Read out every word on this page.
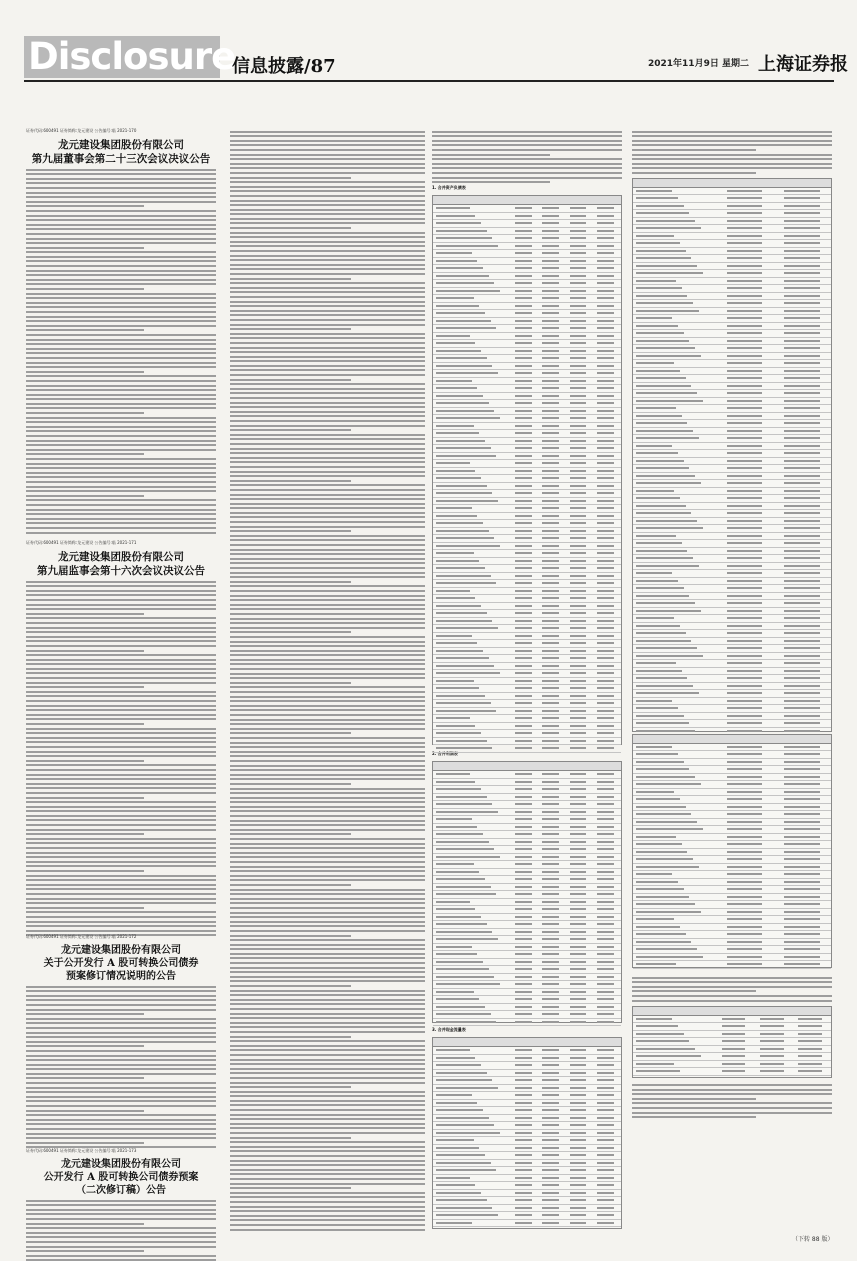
Disclosure
信息披露/87	2021年11月9日 星期二 上海证券报
证券代码:600491 证券简称:龙元建设 公告编号:临 2021-170
龙元建设集团股份有限公司
第九届董事会第二十三次会议决议公告
证券代码:600491 证券简称:龙元建设 公告编号:临 2021-171
龙元建设集团股份有限公司
第九届监事会第十六次会议决议公告
证券代码:600491 证券简称:龙元建设 公告编号:临 2021-172
龙元建设集团股份有限公司
关于公开发行 A 股可转换公司债券
预案修订情况说明的公告
证券代码:600491 证券简称:龙元建设 公告编号:临 2021-173
龙元建设集团股份有限公司
公开发行 A 股可转换公司债券预案
（二次修订稿）公告
1. 合并资产负债表
2. 合并利润表
3. 合并现金流量表
（下转 88 版）
